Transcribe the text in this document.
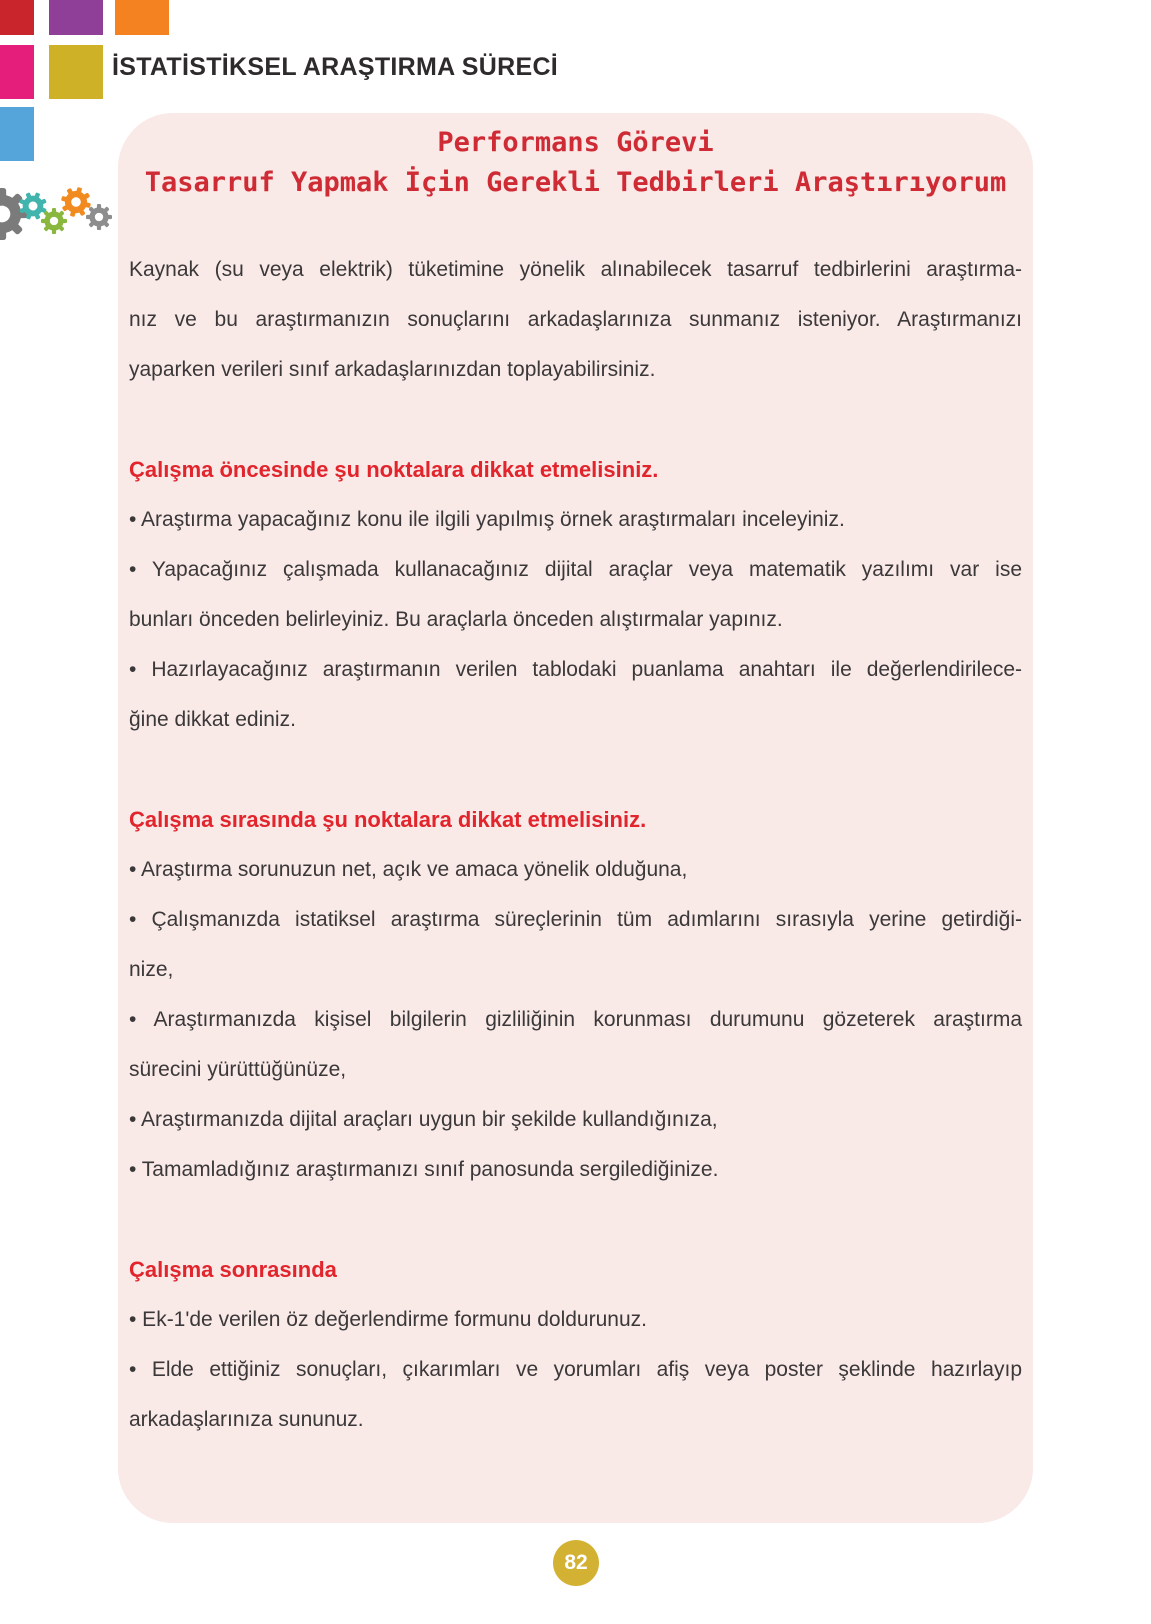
İSTATİSTİKSEL ARAŞTIRMA SÜRECİ
Performans Görevi
Tasarruf Yapmak İçin Gerekli Tedbirleri Araştırıyorum
Kaynak (su veya elektrik) tüketimine yönelik alınabilecek tasarruf tedbirlerini araştırma-
nız ve bu araştırmanızın sonuçlarını arkadaşlarınıza sunmanız isteniyor. Araştırmanızı
yaparken verileri sınıf arkadaşlarınızdan toplayabilirsiniz.
Çalışma öncesinde şu noktalara dikkat etmelisiniz.
• Araştırma yapacağınız konu ile ilgili yapılmış örnek araştırmaları inceleyiniz.
• Yapacağınız çalışmada kullanacağınız dijital araçlar veya matematik yazılımı var ise
bunları önceden belirleyiniz. Bu araçlarla önceden alıştırmalar yapınız.
• Hazırlayacağınız araştırmanın verilen tablodaki puanlama anahtarı ile değerlendirilece-
ğine dikkat ediniz.
Çalışma sırasında şu noktalara dikkat etmelisiniz.
• Araştırma sorunuzun net, açık ve amaca yönelik olduğuna,
• Çalışmanızda istatiksel araştırma süreçlerinin tüm adımlarını sırasıyla yerine getirdiği-
nize,
• Araştırmanızda kişisel bilgilerin gizliliğinin korunması durumunu gözeterek araştırma
sürecini yürüttüğünüze,
• Araştırmanızda dijital araçları uygun bir şekilde kullandığınıza,
• Tamamladığınız araştırmanızı sınıf panosunda sergilediğinize.
Çalışma sonrasında
• Ek-1'de verilen öz değerlendirme formunu doldurunuz.
• Elde ettiğiniz sonuçları, çıkarımları ve yorumları afiş veya poster şeklinde hazırlayıp
arkadaşlarınıza sununuz.
82
